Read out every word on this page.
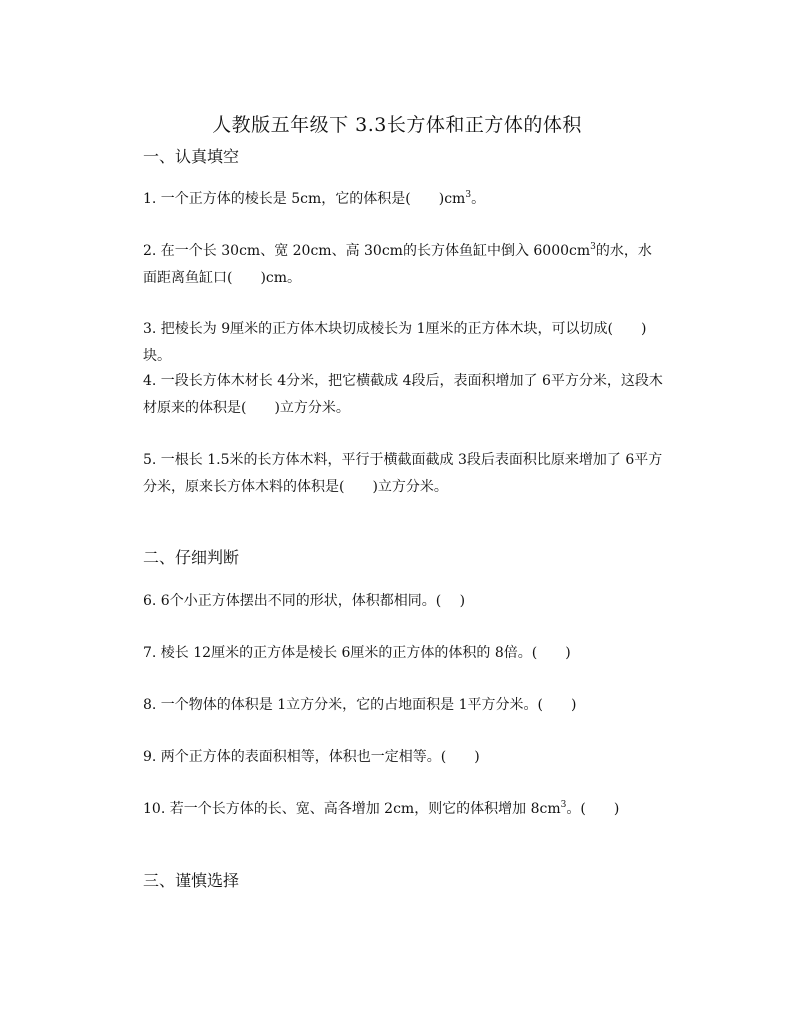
人教版五年级下 3.3长方体和正方体的体积
一、认真填空
1. 一个正方体的棱长是 5cm，它的体积是(　　)$cm^3$。
2. 在一个长 30cm、宽 20cm、高 30cm的长方体鱼缸中倒入 $6000cm^3$的水，水面距离鱼缸口(　　)cm。
3. 把棱长为 9厘米的正方体木块切成棱长为 1厘米的正方体木块，可以切成(　　)块。
4. 一段长方体木材长 4分米，把它横截成 4段后，表面积增加了 6平方分米，这段木材原来的体积是(　　)立方分米。
5. 一根长 1.5米的长方体木料，平行于横截面截成 3段后表面积比原来增加了 6平方分米，原来长方体木料的体积是(　　)立方分米。
二、仔细判断
6. 6个小正方体摆出不同的形状，体积都相同。(　 )
7. 棱长 12厘米的正方体是棱长 6厘米的正方体的体积的 8倍。(　　)
8. 一个物体的体积是 1立方分米，它的占地面积是 1平方分米。(　　)
9. 两个正方体的表面积相等，体积也一定相等。(　　)
10. 若一个长方体的长、宽、高各增加 2cm，则它的体积增加 $8cm^3$。(　　)
三、谨慎选择
